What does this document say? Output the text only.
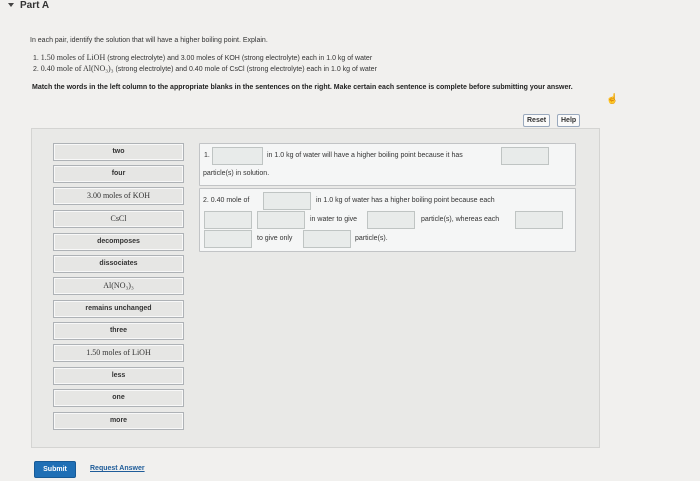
Part A
In each pair, identify the solution that will have a higher boiling point. Explain.
1. 1.50 moles of LiOH (strong electrolyte) and 3.00 moles of KOH (strong electrolyte) each in 1.0 kg of water
2. 0.40 mole of Al(NO₃)₃ (strong electrolyte) and 0.40 mole of CsCl (strong electrolyte) each in 1.0 kg of water
Match the words in the left column to the appropriate blanks in the sentences on the right. Make certain each sentence is complete before submitting your answer.
☝
Reset	Help
two
four
3.00 moles of KOH
CsCl
decomposes
dissociates
Al(NO₃)₃
remains unchanged
three
1.50 moles of LiOH
less
one
more
1.	in 1.0 kg of water will have a higher boiling point because it has
particle(s) in solution.
2. 0.40 mole of	in 1.0 kg of water has a higher boiling point because each
in water to give	particle(s), whereas each
to give only	particle(s).
Submit	Request Answer
